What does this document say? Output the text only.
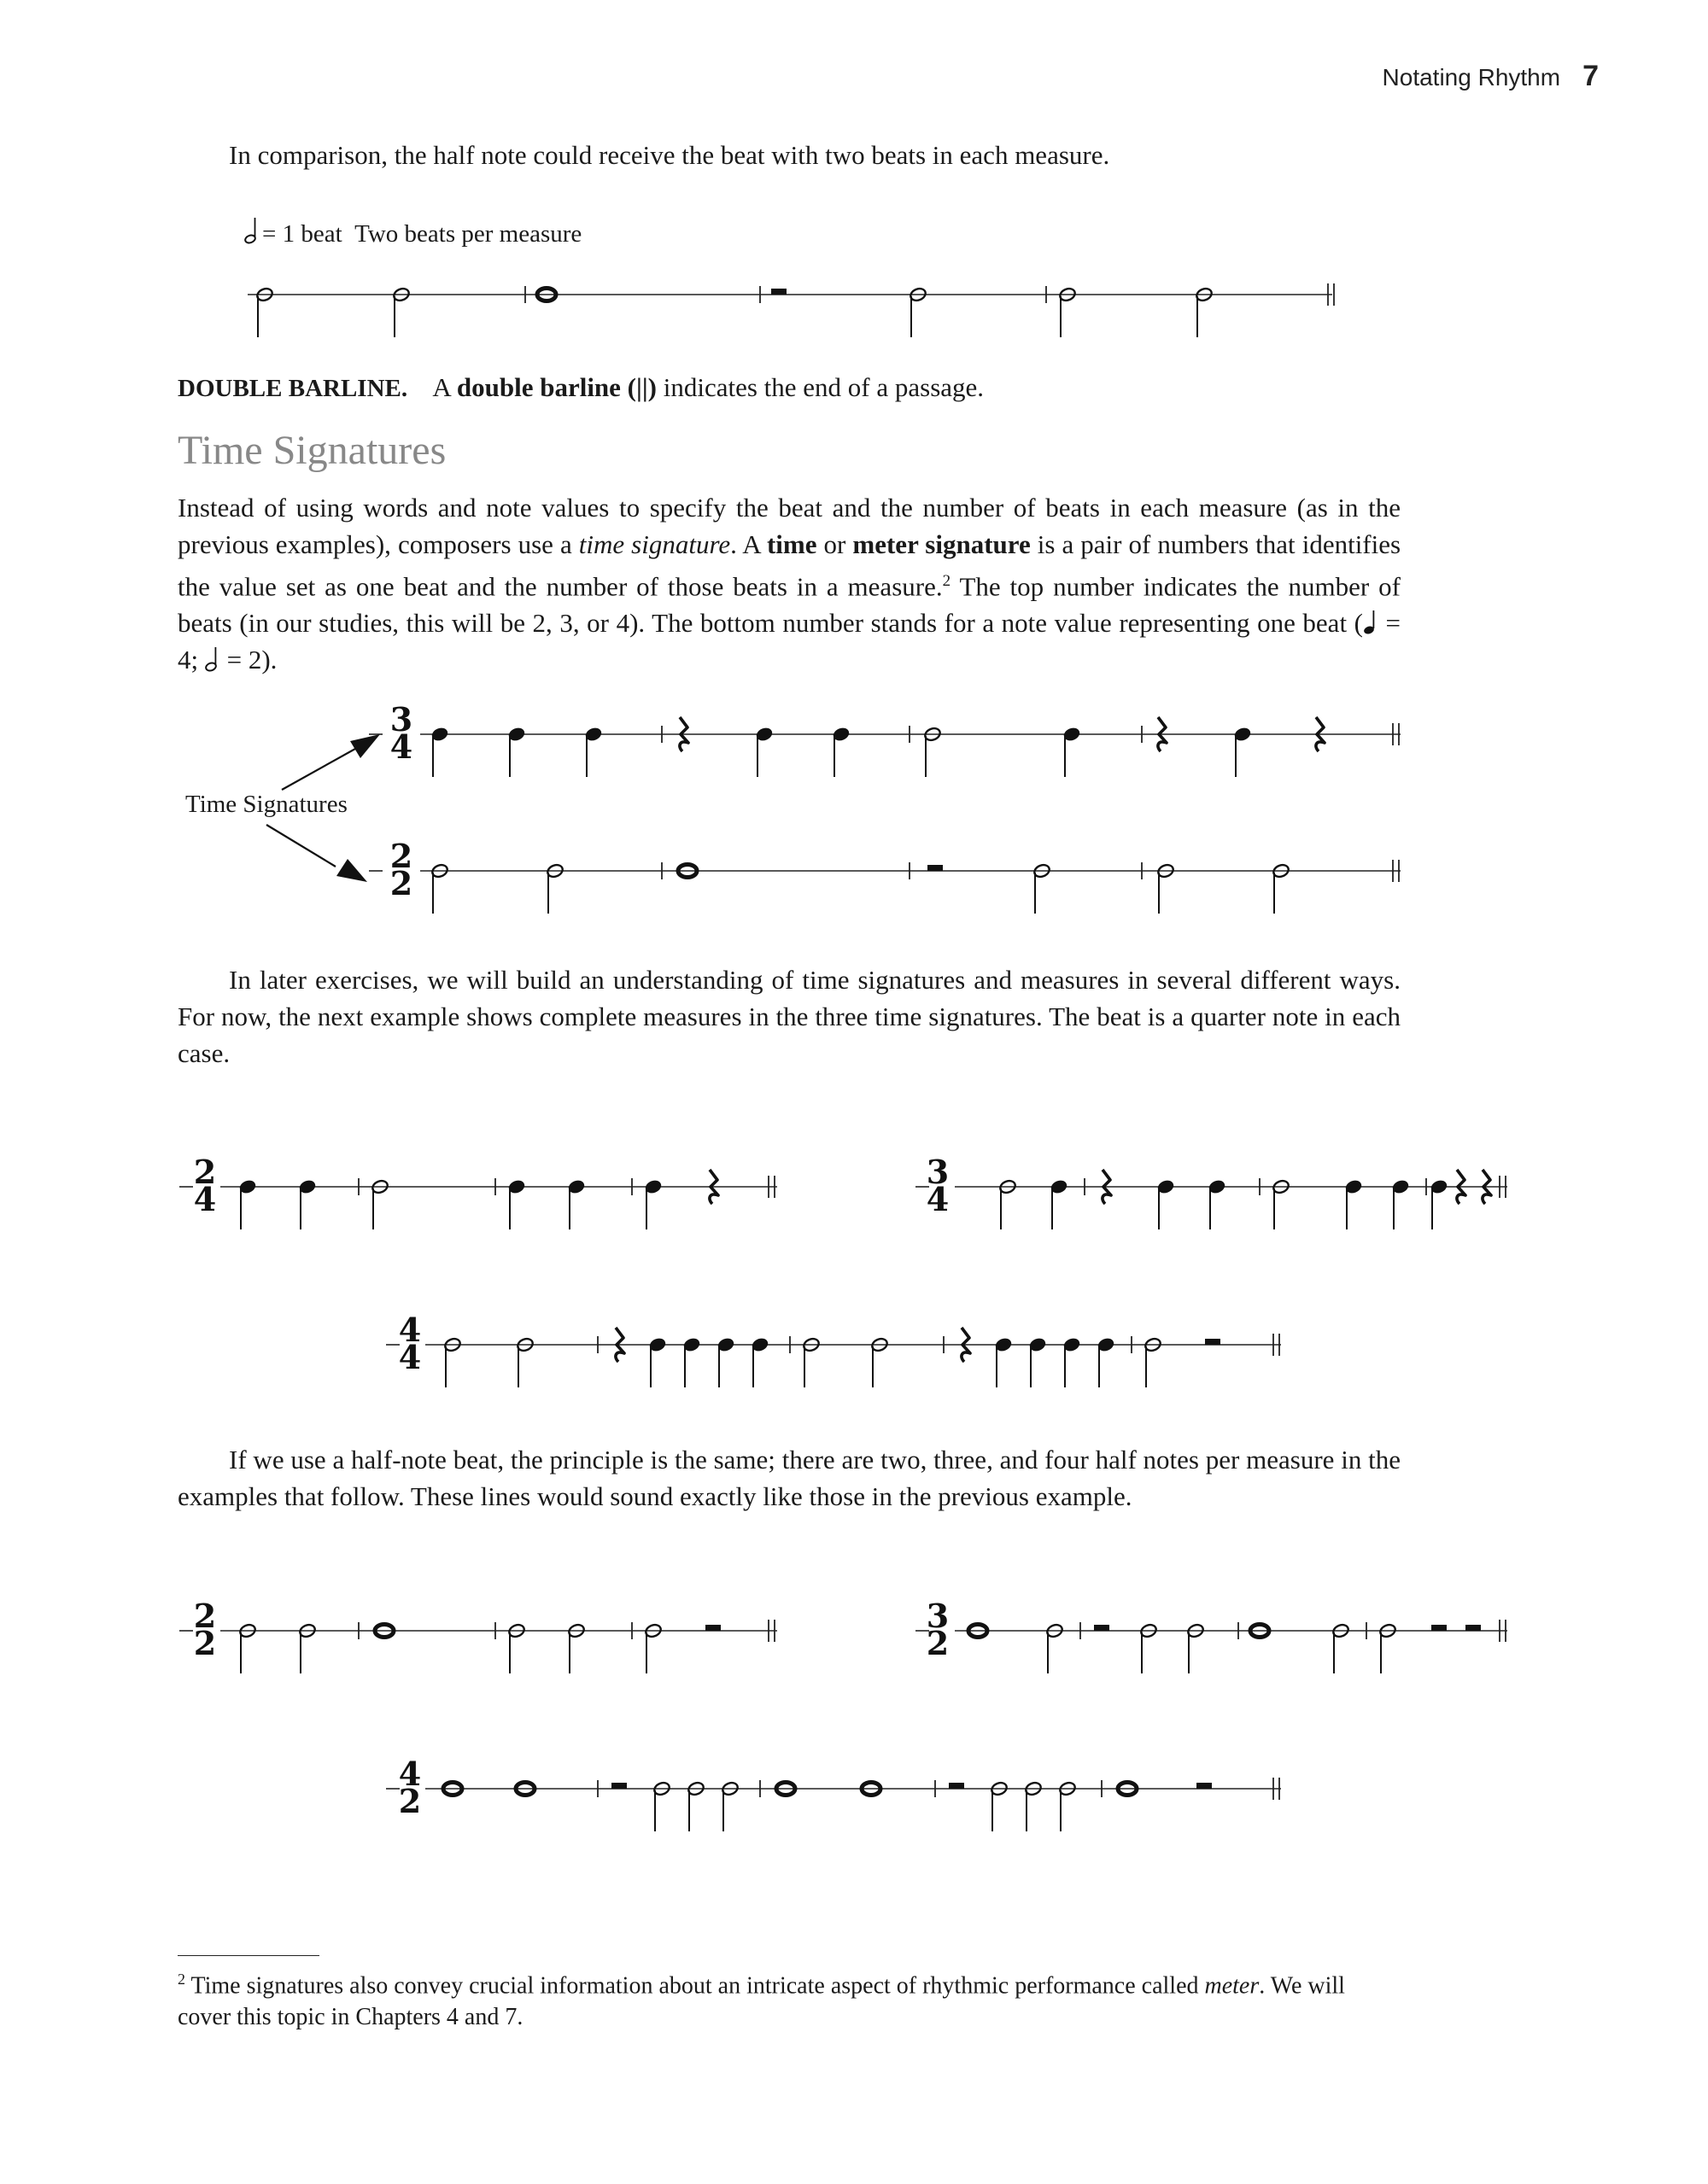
Notating Rhythm 7
In comparison, the half note could receive the beat with two beats in each measure.
= 1 beat Two beats per measure
DOUBLE BARLINE. A double barline (||) indicates the end of a passage.
Time Signatures
Instead of using words and note values to specify the beat and the number of beats in each measure (as in the previous examples), composers use a time signature. A time or meter signature is a pair of numbers that identifies the value set as one beat and the number of those beats in a measure.$^2$ The top number indicates the number of beats (in our studies, this will be 2, 3, or 4). The bottom number stands for a note value representing one beat ( = 4; = 2).
3
4
2
2
Time Signatures
In later exercises, we will build an understanding of time signatures and measures in several different ways. For now, the next example shows complete measures in the three time signatures. The beat is a quarter note in each case.
2
4
3
4
4
4
If we use a half-note beat, the principle is the same; there are two, three, and four half notes per measure in the examples that follow. These lines would sound exactly like those in the previous example.
2
2
3
2
4
2
$^2$ Time signatures also convey crucial information about an intricate aspect of rhythmic performance called meter. We will cover this topic in Chapters 4 and 7.
